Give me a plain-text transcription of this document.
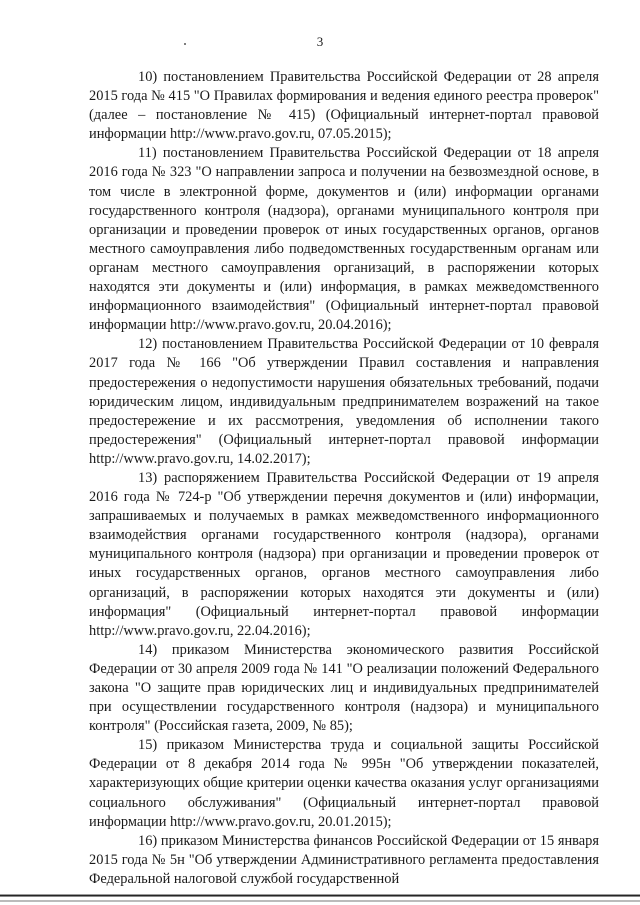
3

10) постановлением Правительства Российской Федерации от 28 апреля 2015 года № 415 "О Правилах формирования и ведения единого реестра проверок" (далее – постановление № 415) (Официальный интернет-портал правовой информации http://www.pravo.gov.ru, 07.05.2015);

11) постановлением Правительства Российской Федерации от 18 апреля 2016 года № 323 "О направлении запроса и получении на безвозмездной основе, в том числе в электронной форме, документов и (или) информации органами государственного контроля (надзора), органами муниципального контроля при организации и проведении проверок от иных государственных органов, органов местного самоуправления либо подведомственных государственным органам или органам местного самоуправления организаций, в распоряжении которых находятся эти документы и (или) информация, в рамках межведомственного информационного взаимодействия" (Официальный интернет-портал правовой информации http://www.pravo.gov.ru, 20.04.2016);

12) постановлением Правительства Российской Федерации от 10 февраля 2017 года № 166 "Об утверждении Правил составления и направления предостережения о недопустимости нарушения обязательных требований, подачи юридическим лицом, индивидуальным предпринимателем возражений на такое предостережение и их рассмотрения, уведомления об исполнении такого предостережения" (Официальный интернет-портал правовой информации http://www.pravo.gov.ru, 14.02.2017);

13) распоряжением Правительства Российской Федерации от 19 апреля 2016 года № 724-р "Об утверждении перечня документов и (или) информации, запрашиваемых и получаемых в рамках межведомственного информационного взаимодействия органами государственного контроля (надзора), органами муниципального контроля (надзора) при организации и проведении проверок от иных государственных органов, органов местного самоуправления либо организаций, в распоряжении которых находятся эти документы и (или) информация" (Официальный интернет-портал правовой информации http://www.pravo.gov.ru, 22.04.2016);

14) приказом Министерства экономического развития Российской Федерации от 30 апреля 2009 года № 141 "О реализации положений Федерального закона "О защите прав юридических лиц и индивидуальных предпринимателей при осуществлении государственного контроля (надзора) и муниципального контроля" (Российская газета, 2009, № 85);

15) приказом Министерства труда и социальной защиты Российской Федерации от 8 декабря 2014 года № 995н "Об утверждении показателей, характеризующих общие критерии оценки качества оказания услуг организациями социального обслуживания" (Официальный интернет-портал правовой информации http://www.pravo.gov.ru, 20.01.2015);

16) приказом Министерства финансов Российской Федерации от 15 января 2015 года № 5н "Об утверждении Административного регламента предоставления Федеральной налоговой службой государственной
